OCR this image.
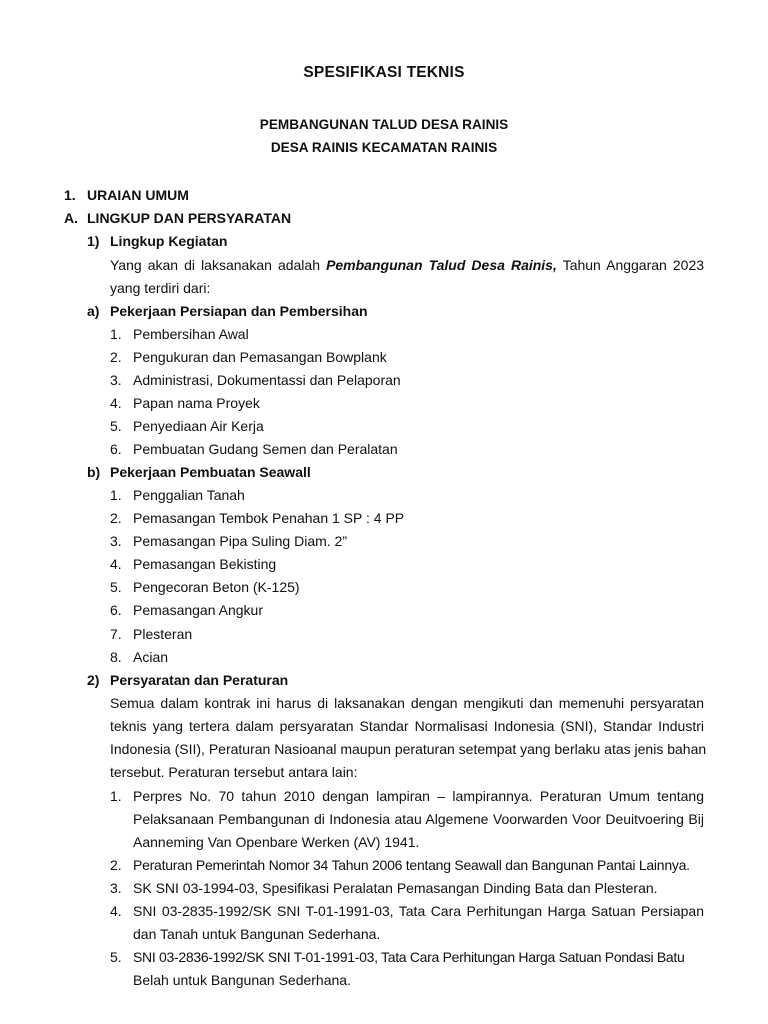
SPESIFIKASI TEKNIS
PEMBANGUNAN TALUD DESA RAINIS
DESA RAINIS KECAMATAN RAINIS
1. URAIAN UMUM
A. LINGKUP DAN PERSYARATAN
1) Lingkup Kegiatan
Yang akan di laksanakan adalah Pembangunan Talud Desa Rainis, Tahun Anggaran 2023
yang terdiri dari:
a) Pekerjaan Persiapan dan Pembersihan
1. Pembersihan Awal
2. Pengukuran dan Pemasangan Bowplank
3. Administrasi, Dokumentassi dan Pelaporan
4. Papan nama Proyek
5. Penyediaan Air Kerja
6. Pembuatan Gudang Semen dan Peralatan
b) Pekerjaan Pembuatan Seawall
1. Penggalian Tanah
2. Pemasangan Tembok Penahan 1 SP : 4 PP
3. Pemasangan Pipa Suling Diam. 2”
4. Pemasangan Bekisting
5. Pengecoran Beton (K-125)
6. Pemasangan Angkur
7. Plesteran
8. Acian
2) Persyaratan dan Peraturan
Semua dalam kontrak ini harus di laksanakan dengan mengikuti dan memenuhi persyaratan
teknis yang tertera dalam persyaratan Standar Normalisasi Indonesia (SNI), Standar Industri
Indonesia (SII), Peraturan Nasioanal maupun peraturan setempat yang berlaku atas jenis bahan
tersebut. Peraturan tersebut antara lain:
1. Perpres No. 70 tahun 2010 dengan lampiran – lampirannya. Peraturan Umum tentang
Pelaksanaan Pembangunan di Indonesia atau Algemene Voorwarden Voor Deuitvoering Bij
Aanneming Van Openbare Werken (AV) 1941.
2. Peraturan Pemerintah Nomor 34 Tahun 2006 tentang Seawall dan Bangunan Pantai Lainnya.
3. SK SNI 03-1994-03, Spesifikasi Peralatan Pemasangan Dinding Bata dan Plesteran.
4. SNI 03-2835-1992/SK SNI T-01-1991-03, Tata Cara Perhitungan Harga Satuan Persiapan
dan Tanah untuk Bangunan Sederhana.
5. SNI 03-2836-1992/SK SNI T-01-1991-03, Tata Cara Perhitungan Harga Satuan Pondasi Batu
Belah untuk Bangunan Sederhana.
